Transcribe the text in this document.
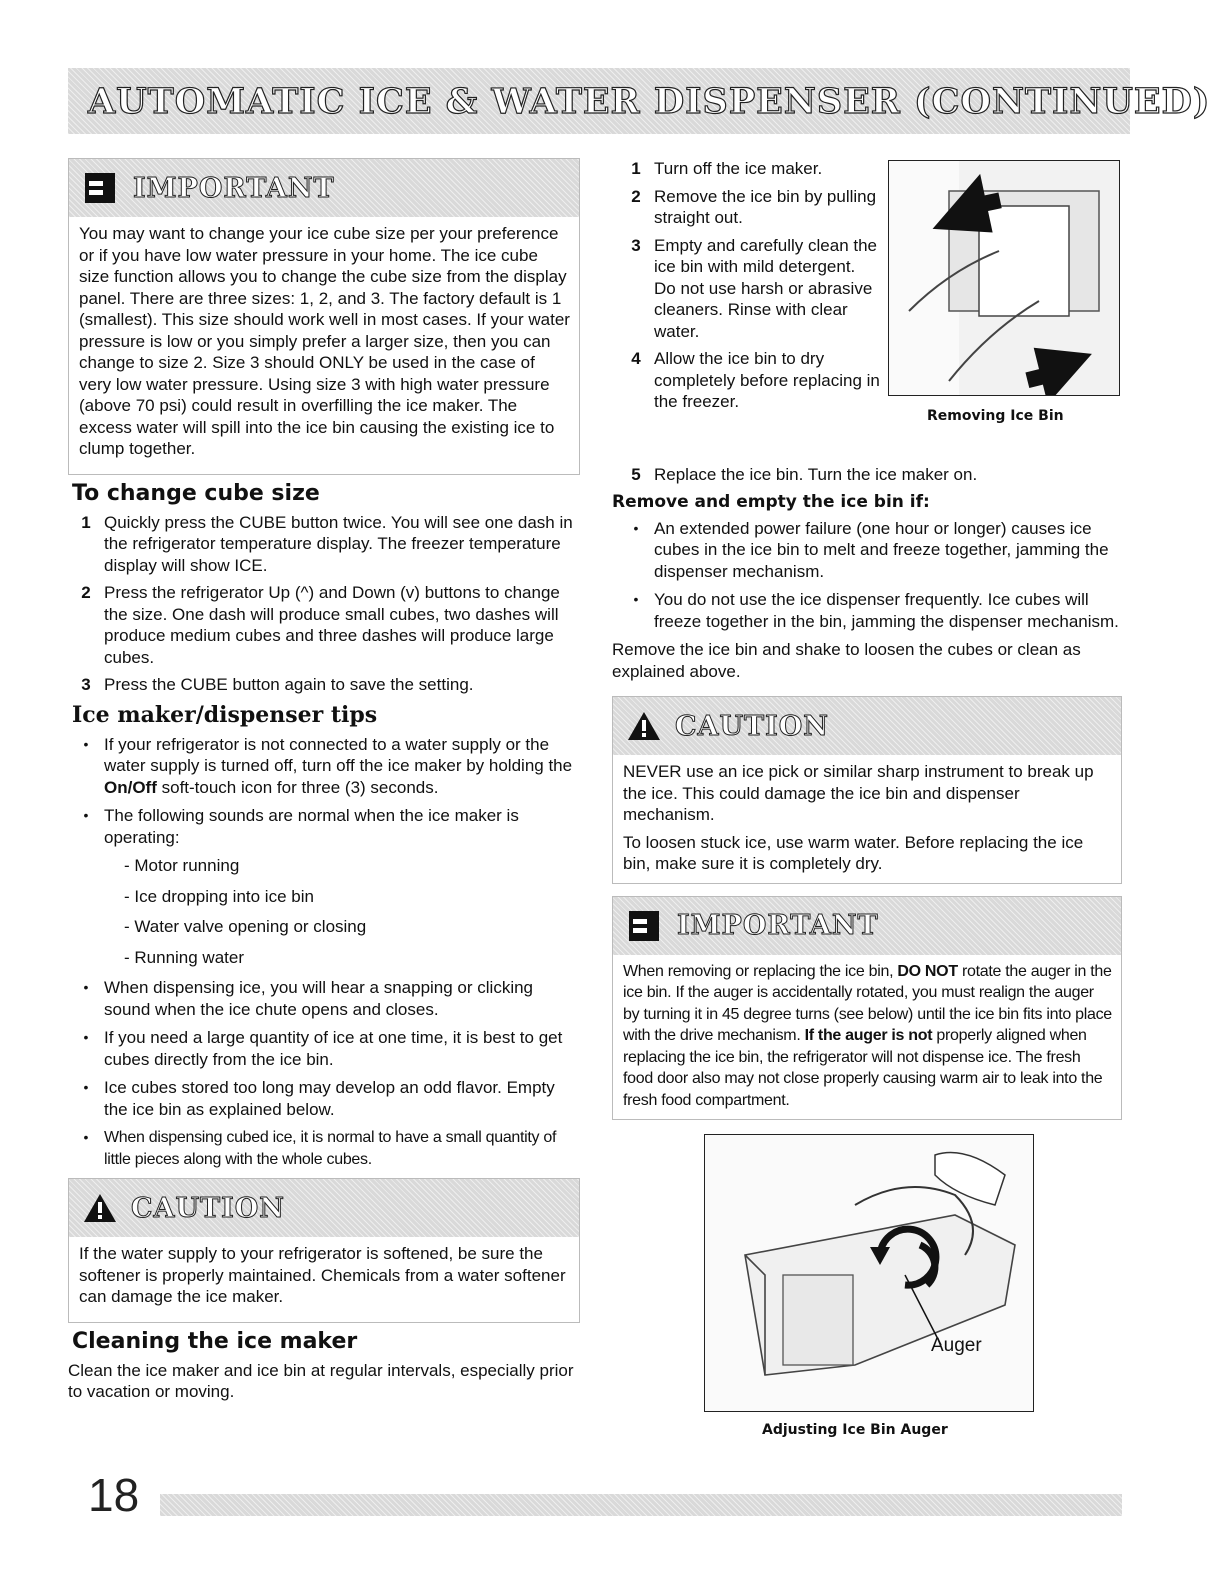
AUTOMATIC ICE & WATER DISPENSER (CONTINUED)
IMPORTANT

You may want to change your ice cube size per your preference or if you have low water pressure in your home. The ice cube size function allows you to change the cube size from the display panel. There are three sizes: 1, 2, and 3. The factory default is 1 (smallest). This size should work well in most cases. If your water pressure is low or you simply prefer a larger size, then you can change to size 2. Size 3 should ONLY be used in the case of very low water pressure. Using size 3 with high water pressure (above 70 psi) could result in overfilling the ice maker. The excess water will spill into the ice bin causing the existing ice to clump together.

To change cube size
1 Quickly press the CUBE button twice. You will see one dash in the refrigerator temperature display. The freezer temperature display will show ICE.
2 Press the refrigerator Up (^) and Down (v) buttons to change the size. One dash will produce small cubes, two dashes will produce medium cubes and three dashes will produce large cubes.
3 Press the CUBE button again to save the setting.
Ice maker/dispenser tips
• If your refrigerator is not connected to a water supply or the water supply is turned off, turn off the ice maker by holding the On/Off soft-touch icon for three (3) seconds.
• The following sounds are normal when the ice maker is operating:
- Motor running
- Ice dropping into ice bin
- Water valve opening or closing
- Running water
• When dispensing ice, you will hear a snapping or clicking sound when the ice chute opens and closes.
• If you need a large quantity of ice at one time, it is best to get cubes directly from the ice bin.
• Ice cubes stored too long may develop an odd flavor. Empty the ice bin as explained below.
• When dispensing cubed ice, it is normal to have a small quantity of little pieces along with the whole cubes.
CAUTION

If the water supply to your refrigerator is softened, be sure the softener is properly maintained. Chemicals from a water softener can damage the ice maker.

Cleaning the ice maker

Clean the ice maker and ice bin at regular intervals, especially prior to vacation or moving.

1 Turn off the ice maker.
2 Remove the ice bin by pulling straight out.
3 Empty and carefully clean the ice bin with mild detergent. Do not use harsh or abrasive cleaners. Rinse with clear water.
4 Allow the ice bin to dry completely before replacing in the freezer.
Removing Ice Bin
5 Replace the ice bin. Turn the ice maker on.
Remove and empty the ice bin if:
• An extended power failure (one hour or longer) causes ice cubes in the ice bin to melt and freeze together, jamming the dispenser mechanism.
• You do not use the ice dispenser frequently. Ice cubes will freeze together in the bin, jamming the dispenser mechanism.

Remove the ice bin and shake to loosen the cubes or clean as explained above.

CAUTION

NEVER use an ice pick or similar sharp instrument to break up the ice. This could damage the ice bin and dispenser mechanism.

To loosen stuck ice, use warm water. Before replacing the ice bin, make sure it is completely dry.

IMPORTANT

When removing or replacing the ice bin, DO NOT rotate the auger in the ice bin. If the auger is accidentally rotated, you must realign the auger by turning it in 45 degree turns (see below) until the ice bin fits into place with the drive mechanism. If the auger is not properly aligned when replacing the ice bin, the refrigerator will not dispense ice. The fresh food door also may not close properly causing warm air to leak into the fresh food compartment.

Auger
Adjusting Ice Bin Auger
18
